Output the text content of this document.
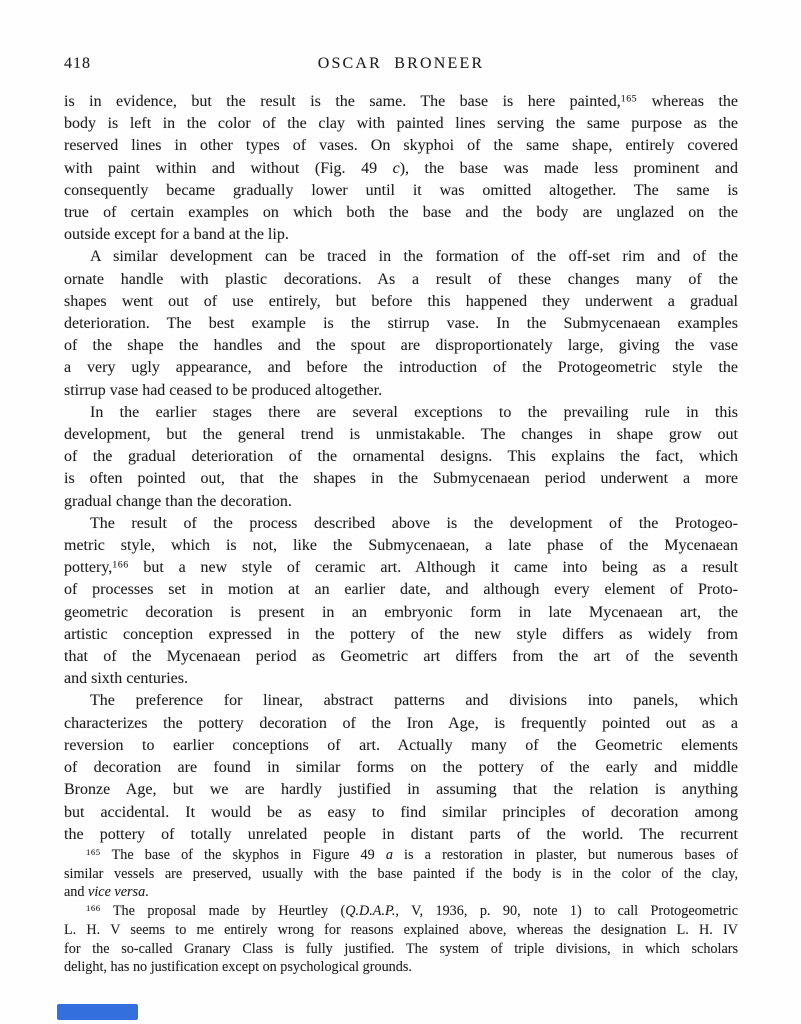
418	OSCAR BRONEER
is in evidence, but the result is the same. The base is here painted,$^{165}$ whereas the
body is left in the color of the clay with painted lines serving the same purpose as the
reserved lines in other types of vases. On skyphoi of the same shape, entirely covered
with paint within and without (Fig. 49 c), the base was made less prominent and
consequently became gradually lower until it was omitted altogether. The same is
true of certain examples on which both the base and the body are unglazed on the
outside except for a band at the lip.
A similar development can be traced in the formation of the off-set rim and of the
ornate handle with plastic decorations. As a result of these changes many of the
shapes went out of use entirely, but before this happened they underwent a gradual
deterioration. The best example is the stirrup vase. In the Submycenaean examples
of the shape the handles and the spout are disproportionately large, giving the vase
a very ugly appearance, and before the introduction of the Protogeometric style the
stirrup vase had ceased to be produced altogether.
In the earlier stages there are several exceptions to the prevailing rule in this
development, but the general trend is unmistakable. The changes in shape grow out
of the gradual deterioration of the ornamental designs. This explains the fact, which
is often pointed out, that the shapes in the Submycenaean period underwent a more
gradual change than the decoration.
The result of the process described above is the development of the Protogeo-
metric style, which is not, like the Submycenaean, a late phase of the Mycenaean
pottery,$^{166}$ but a new style of ceramic art. Although it came into being as a result
of processes set in motion at an earlier date, and although every element of Proto-
geometric decoration is present in an embryonic form in late Mycenaean art, the
artistic conception expressed in the pottery of the new style differs as widely from
that of the Mycenaean period as Geometric art differs from the art of the seventh
and sixth centuries.
The preference for linear, abstract patterns and divisions into panels, which
characterizes the pottery decoration of the Iron Age, is frequently pointed out as a
reversion to earlier conceptions of art. Actually many of the Geometric elements
of decoration are found in similar forms on the pottery of the early and middle
Bronze Age, but we are hardly justified in assuming that the relation is anything
but accidental. It would be as easy to find similar principles of decoration among
the pottery of totally unrelated people in distant parts of the world. The recurrent
$^{165}$ The base of the skyphos in Figure 49 a is a restoration in plaster, but numerous bases of
similar vessels are preserved, usually with the base painted if the body is in the color of the clay,
and vice versa.
$^{166}$ The proposal made by Heurtley (Q.D.A.P., V, 1936, p. 90, note 1) to call Protogeometric
L. H. V seems to me entirely wrong for reasons explained above, whereas the designation L. H. IV
for the so-called Granary Class is fully justified. The system of triple divisions, in which scholars
delight, has no justification except on psychological grounds.
